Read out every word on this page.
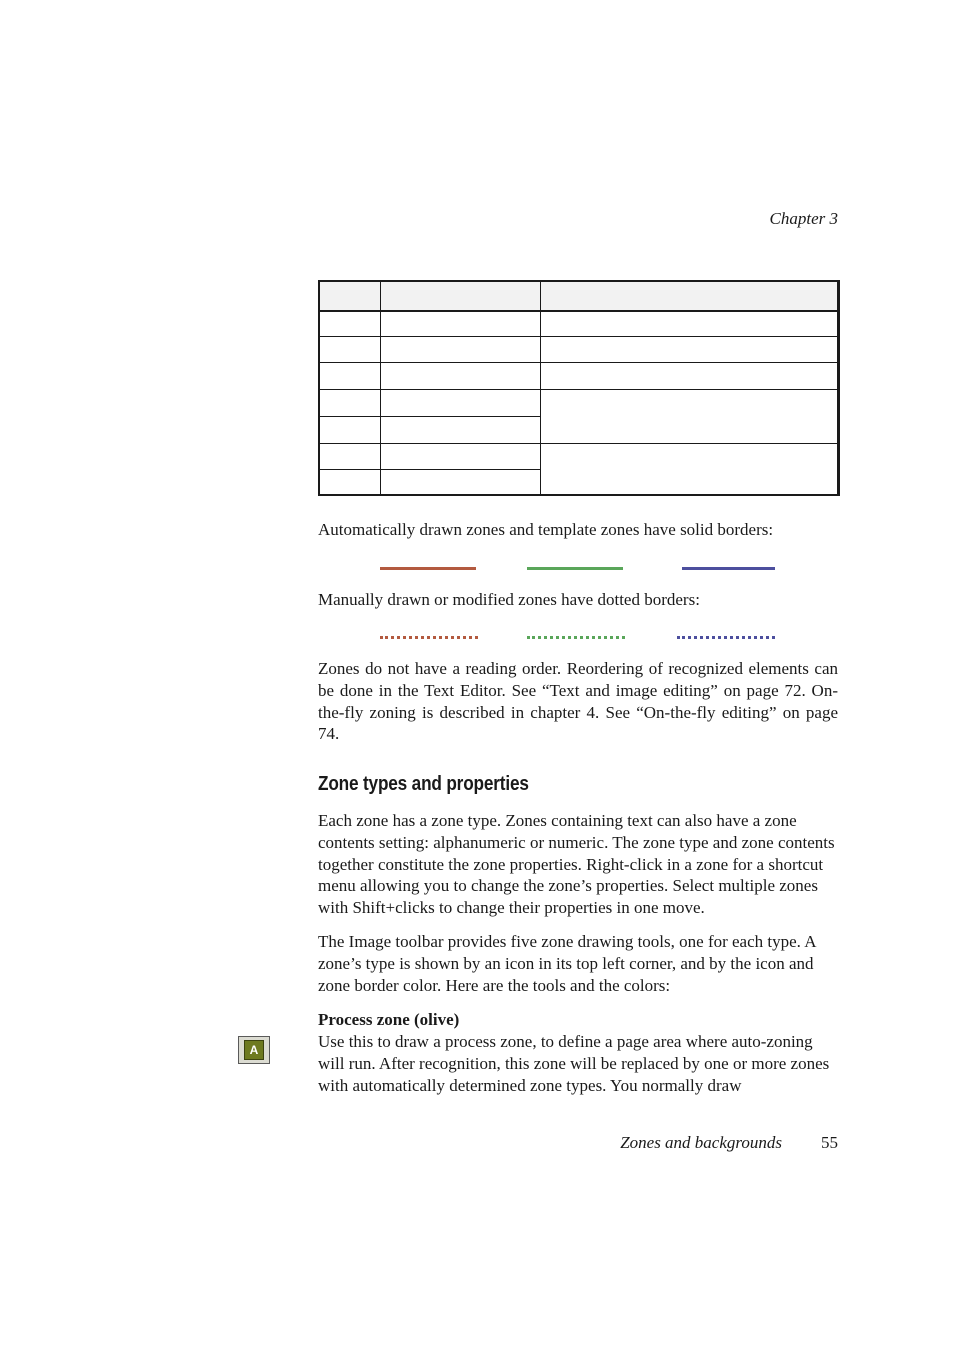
Chapter 3

Automatically drawn zones and template zones have solid borders:

Manually drawn or modified zones have dotted borders:

Zones do not have a reading order. Reordering of recognized elements can be done in the Text Editor. See “Text and image editing” on page 72. On-the-fly zoning is described in chapter 4. See “On-the-fly editing” on page 74.

Zone types and properties

Each zone has a zone type. Zones containing text can also have a zone contents setting: alphanumeric or numeric. The zone type and zone contents together constitute the zone properties. Right-click in a zone for a shortcut menu allowing you to change the zone’s properties. Select multiple zones with Shift+clicks to change their properties in one move.

The Image toolbar provides five zone drawing tools, one for each type. A zone’s type is shown by an icon in its top left corner, and by the icon and zone border color. Here are the tools and the colors:

A

Process zone (olive)

Use this to draw a process zone, to define a page area where auto-zoning will run. After recognition, this zone will be replaced by one or more zones with automatically determined zone types. You normally draw

Zones and backgrounds	55
